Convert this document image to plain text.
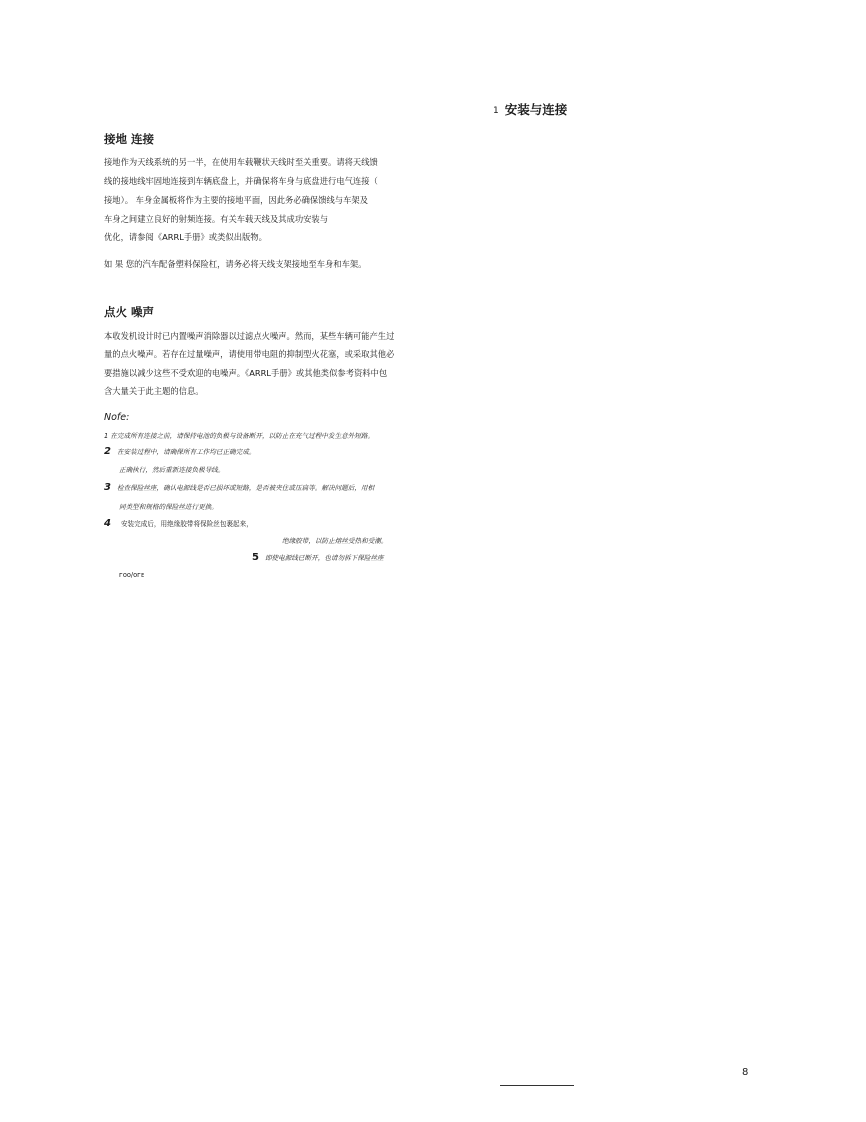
1 安装与连接
接地 连接
接地作为天线系统的另一半，在使用车载鞭状天线时至关重要。请将天线馈
线的接地线牢固地连接到车辆底盘上，并确保将车身与底盘进行电气连接（
接地）。 车身金属板将作为主要的接地平面，因此务必确保馈线与车架及
车身之间建立良好的射频连接。有关车载天线及其成功安装与
优化，请参阅《ARRL手册》或类似出版物。
如 果 您的汽车配备塑料保险杠，请务必将天线支架接地至车身和车架。
点火 噪声
本收发机设计时已内置噪声消除器以过滤点火噪声。然而，某些车辆可能产生过
量的点火噪声。若存在过量噪声，请使用带电阻的抑制型火花塞，或采取其他必
要措施以减少这些不受欢迎的电噪声。《ARRL手册》或其他类似参考资料中包
含大量关于此主题的信息。
Nofe:
1 在完成所有连接之前，请保持电池的负极与设备断开，以防止在充气过程中发生意外短路。
2 在安装过程中，请确保所有工作均已正确完成。
正确执行，然后重新连接负极导线。
3 检查保险丝座，确认电源线是否已损坏或短路，是否被夹住或压扁等。解决问题后，用相
同类型和规格的保险丝进行更换。
4 安装完成后，用绝缘胶带将保险丝包裹起来，
绝缘胶带，以防止熔丝受热和受潮。
5 即使电源线已断开，也请勿拆下保险丝座
ᴦᴏᴏ/ᴏᴦᴇ
8
